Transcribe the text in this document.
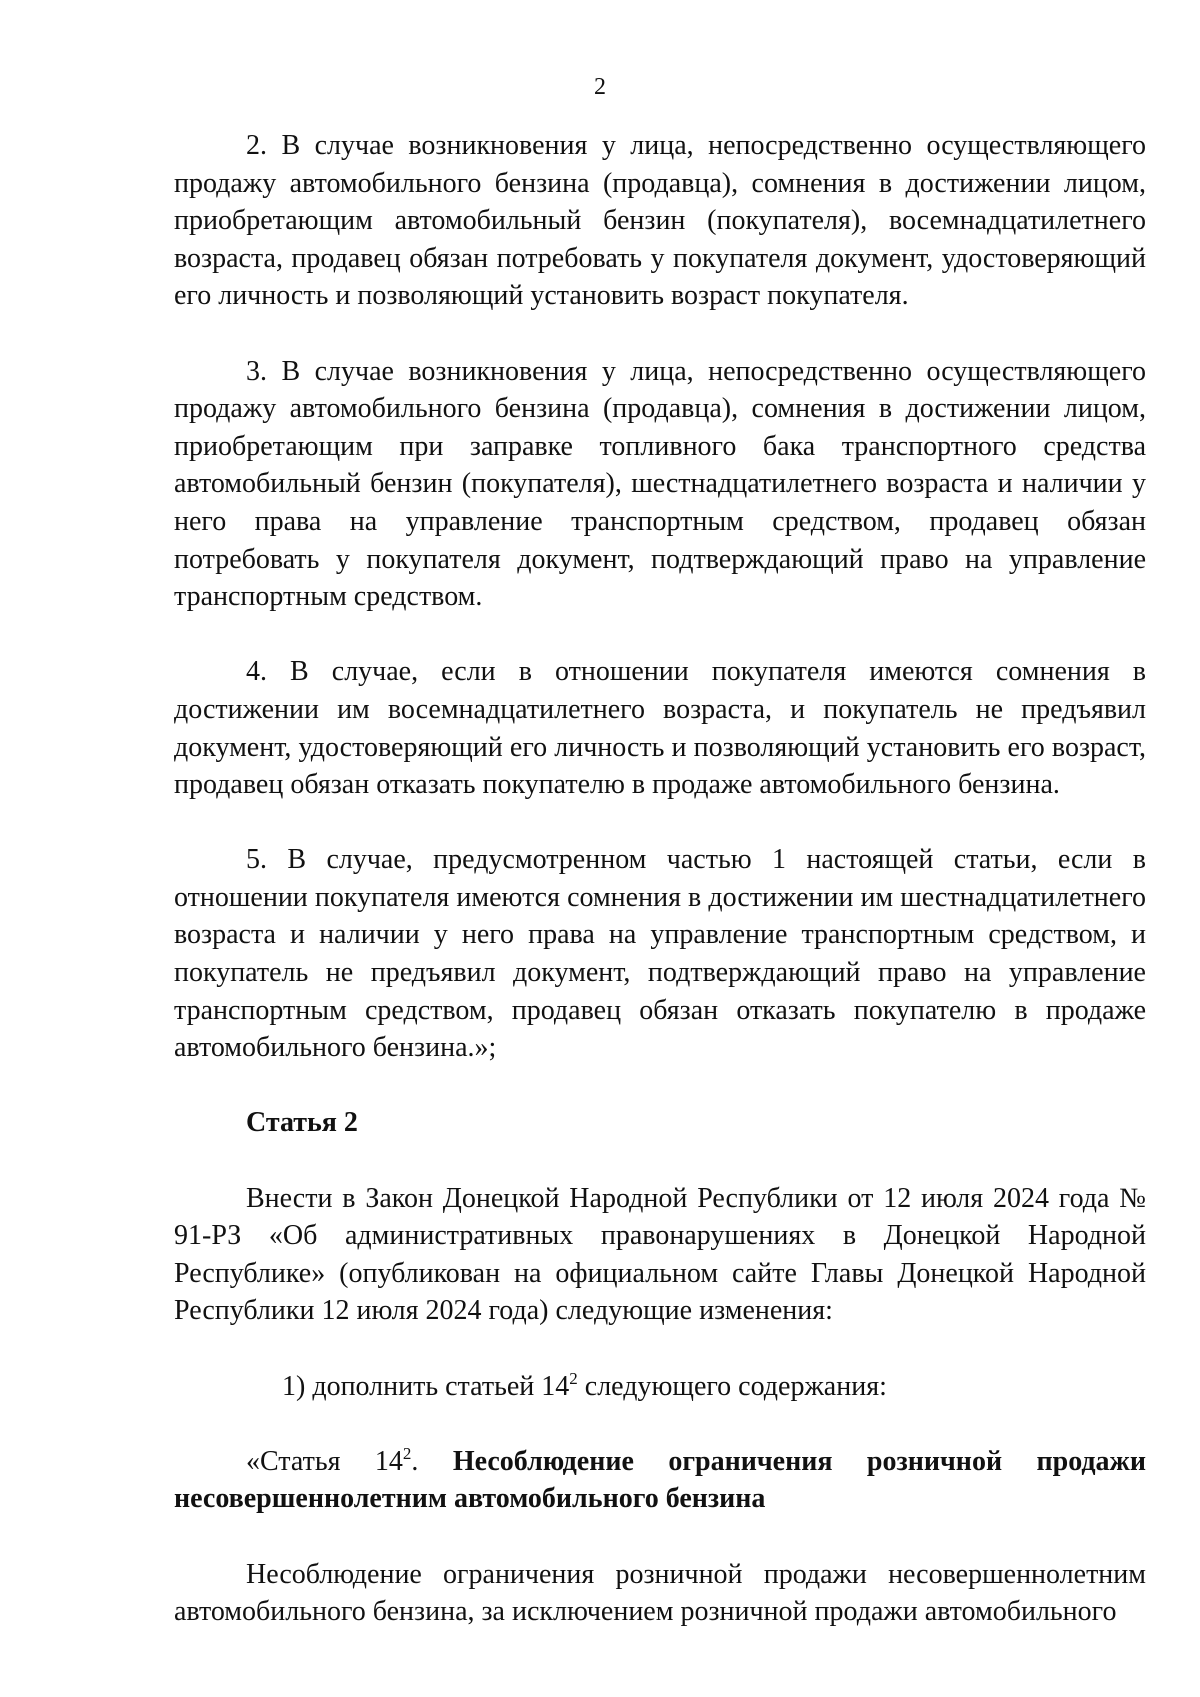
2

2. В случае возникновения у лица, непосредственно осуществляющего продажу автомобильного бензина (продавца), сомнения в достижении лицом, приобретающим автомобильный бензин (покупателя), восемнадцатилетнего возраста, продавец обязан потребовать у покупателя документ, удостоверяющий его личность и позволяющий установить возраст покупателя.

3. В случае возникновения у лица, непосредственно осуществляющего продажу автомобильного бензина (продавца), сомнения в достижении лицом, приобретающим при заправке топливного бака транспортного средства автомобильный бензин (покупателя), шестнадцатилетнего возраста и наличии у него права на управление транспортным средством, продавец обязан потребовать у покупателя документ, подтверждающий право на управление транспортным средством.

4. В случае, если в отношении покупателя имеются сомнения в достижении им восемнадцатилетнего возраста, и покупатель не предъявил документ, удостоверяющий его личность и позволяющий установить его возраст, продавец обязан отказать покупателю в продаже автомобильного бензина.

5. В случае, предусмотренном частью 1 настоящей статьи, если в отношении покупателя имеются сомнения в достижении им шестнадцатилетнего возраста и наличии у него права на управление транспортным средством, и покупатель не предъявил документ, подтверждающий право на управление транспортным средством, продавец обязан отказать покупателю в продаже автомобильного бензина.»;

Статья 2

Внести в Закон Донецкой Народной Республики от 12 июля 2024 года № 91-РЗ «Об административных правонарушениях в Донецкой Народной Республике» (опубликован на официальном сайте Главы Донецкой Народной Республики 12 июля 2024 года) следующие изменения:

1) дополнить статьей $14^2$ следующего содержания:

«Статья $14^2$. Несоблюдение ограничения розничной продажи несовершеннолетним автомобильного бензина

Несоблюдение ограничения розничной продажи несовершеннолетним автомобильного бензина, за исключением розничной продажи автомобильного
